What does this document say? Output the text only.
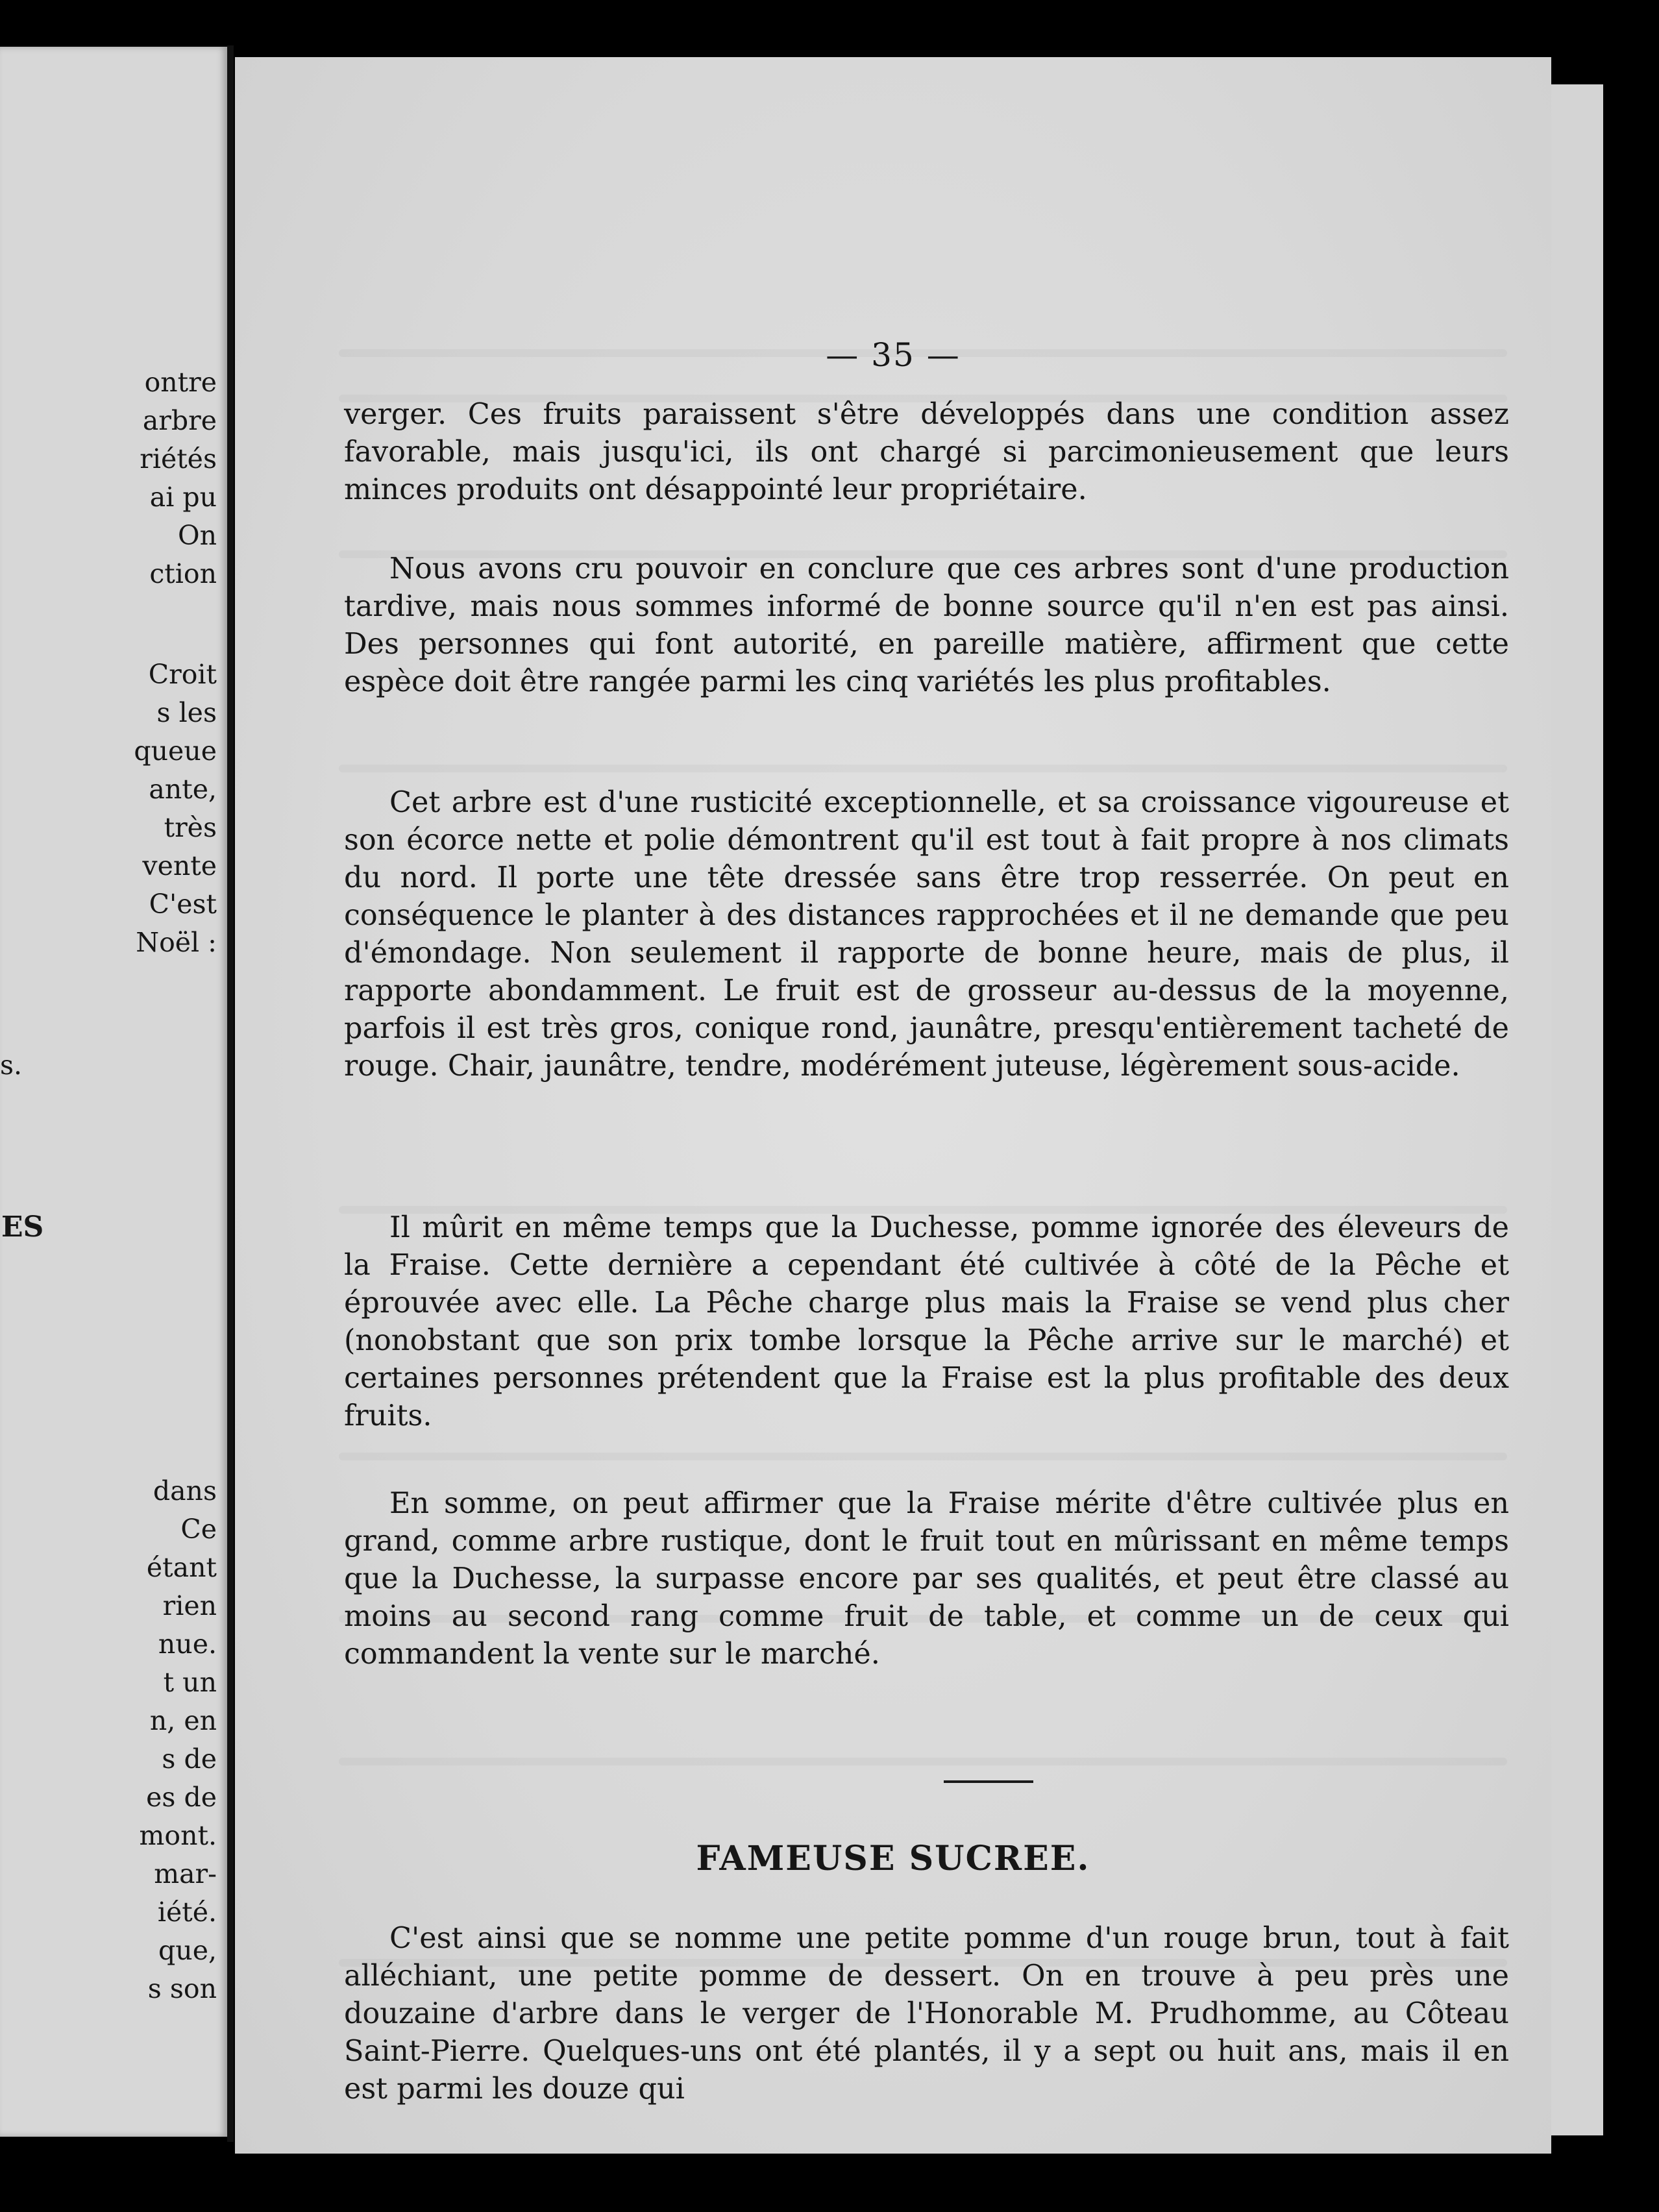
ontre
arbre
riétés
ai pu
On
ction
Croit
s les
queue
ante,
très
vente
C'est
Noël :
s.
ES
dans
Ce
étant
rien
nue.
t un
n, en
s de
es de
mont.
mar-
iété.
que,
s son
— 35 —

verger. Ces fruits paraissent s'être développés dans une condition assez favorable, mais jusqu'ici, ils ont chargé si parcimonieusement que leurs minces produits ont désappointé leur propriétaire.

Nous avons cru pouvoir en conclure que ces arbres sont d'une production tardive, mais nous sommes informé de bonne source qu'il n'en est pas ainsi. Des personnes qui font autorité, en pareille matière, affirment que cette espèce doit être rangée parmi les cinq variétés les plus profitables.

Cet arbre est d'une rusticité exceptionnelle, et sa croissance vigoureuse et son écorce nette et polie démontrent qu'il est tout à fait propre à nos climats du nord. Il porte une tête dressée sans être trop resserrée. On peut en conséquence le planter à des distances rapprochées et il ne demande que peu d'émondage. Non seulement il rapporte de bonne heure, mais de plus, il rapporte abondamment. Le fruit est de grosseur au-dessus de la moyenne, parfois il est très gros, conique rond, jaunâtre, presqu'entièrement tacheté de rouge. Chair, jaunâtre, tendre, modérément juteuse, légèrement sous-acide.

Il mûrit en même temps que la Duchesse, pomme ignorée des éleveurs de la Fraise. Cette dernière a cependant été cultivée à côté de la Pêche et éprouvée avec elle. La Pêche charge plus mais la Fraise se vend plus cher (nonobstant que son prix tombe lorsque la Pêche arrive sur le marché) et certaines personnes prétendent que la Fraise est la plus profitable des deux fruits.

En somme, on peut affirmer que la Fraise mérite d'être cultivée plus en grand, comme arbre rustique, dont le fruit tout en mûrissant en même temps que la Duchesse, la surpasse encore par ses qualités, et peut être classé au moins au second rang comme fruit de table, et comme un de ceux qui commandent la vente sur le marché.

FAMEUSE SUCREE.

C'est ainsi que se nomme une petite pomme d'un rouge brun, tout à fait alléchiant, une petite pomme de dessert. On en trouve à peu près une douzaine d'arbre dans le verger de l'Honorable M. Prudhomme, au Côteau Saint-Pierre. Quelques-uns ont été plantés, il y a sept ou huit ans, mais il en est parmi les douze qui
